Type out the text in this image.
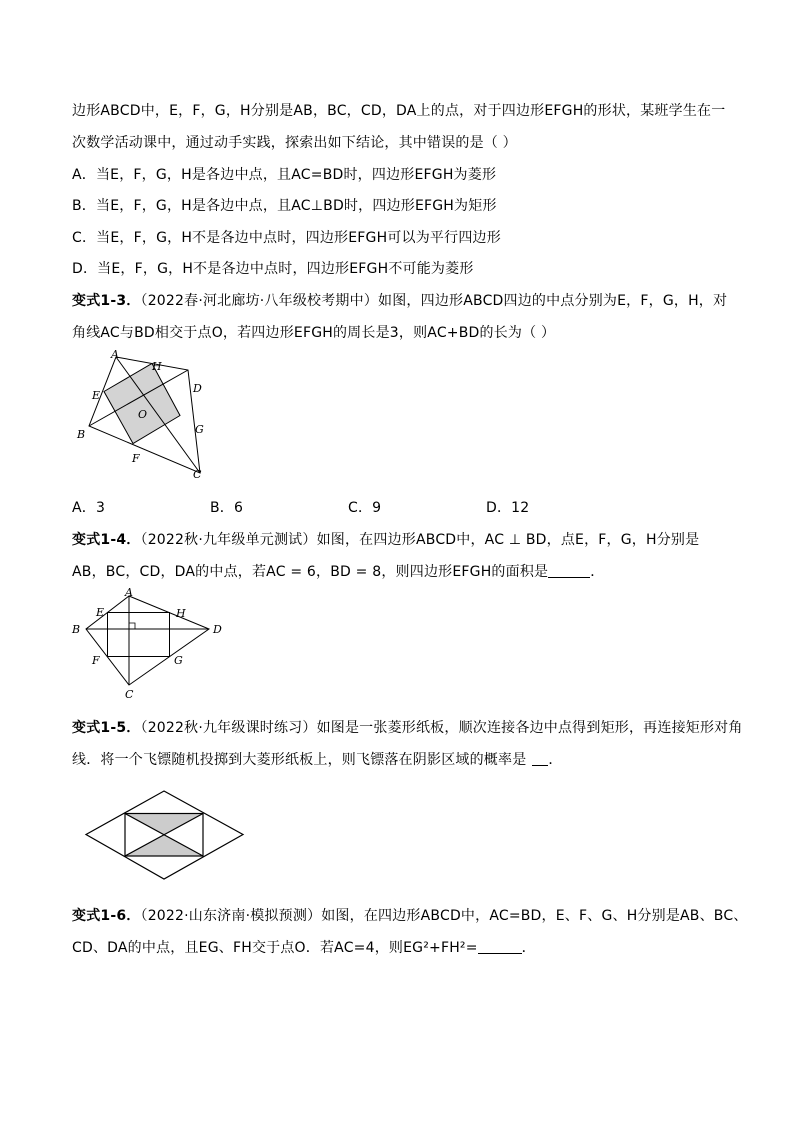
边形ABCD中，E，F，G，H分别是AB，BC，CD，DA上的点，对于四边形EFGH的形状，某班学生在一
次数学活动课中，通过动手实践，探索出如下结论，其中错误的是（ ）
A．当E，F，G，H是各边中点，且AC=BD时，四边形EFGH为菱形
B．当E，F，G，H是各边中点，且AC⊥BD时，四边形EFGH为矩形
C．当E，F，G，H不是各边中点时，四边形EFGH可以为平行四边形
D．当E，F，G，H不是各边中点时，四边形EFGH不可能为菱形
变式1-3．（2022春·河北廊坊·八年级校考期中）如图，四边形ABCD四边的中点分别为E，F，G，H，对
角线AC与BD相交于点O，若四边形EFGH的周长是3，则AC+BD的长为（ ）
A
H
D
E
O
G
B
F
C
A．3	B．6	C．9	D．12
变式1-4．（2022秋·九年级单元测试）如图，在四边形ABCD中，AC ⊥ BD，点E，F，G，H分别是
AB，BC，CD，DA的中点，若AC = 6，BD = 8，则四边形EFGH的面积是	．
A
B
C
D
E
F	G
H
变式1-5．（2022秋·九年级课时练习）如图是一张菱形纸板，顺次连接各边中点得到矩形，再连接矩形对角
线．将一个飞镖随机投掷到大菱形纸板上，则飞镖落在阴影区域的概率是 ．
变式1-6．（2022·山东济南·模拟预测）如图，在四边形ABCD中，AC=BD，E、F、G、H分别是AB、BC、
CD、DA的中点，且EG、FH交于点O．若AC=4，则EG²+FH²=	．
